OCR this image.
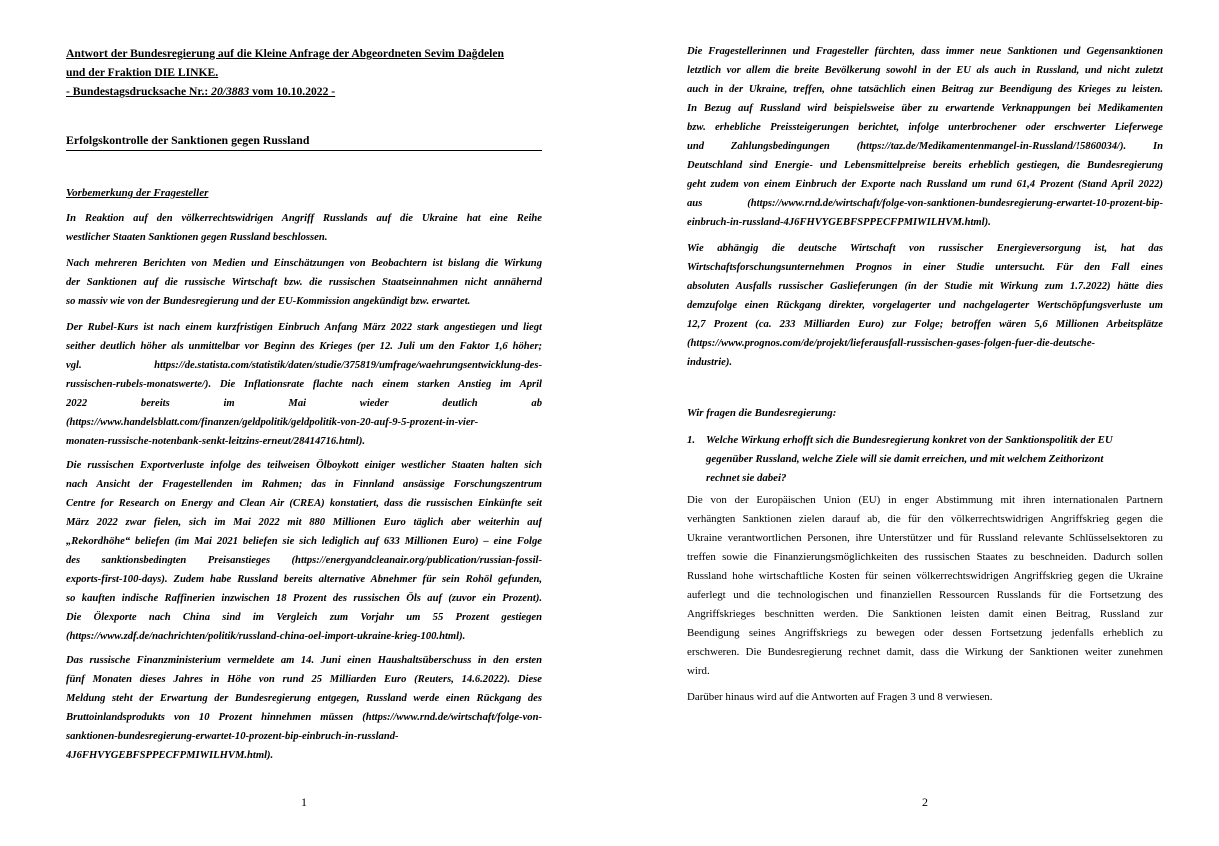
Antwort der Bundesregierung auf die Kleine Anfrage der Abgeordneten Sevim Dağdelen
und der Fraktion DIE LINKE.
- Bundestagsdrucksache Nr.: 20/3883 vom 10.10.2022 -
Erfolgskontrolle der Sanktionen gegen Russland
Vorbemerkung der Fragesteller
In Reaktion auf den völkerrechtswidrigen Angriff Russlands auf die Ukraine hat eine Reihe
westlicher Staaten Sanktionen gegen Russland beschlossen.
Nach mehreren Berichten von Medien und Einschätzungen von Beobachtern ist bislang die Wirkung
der Sanktionen auf die russische Wirtschaft bzw. die russischen Staatseinnahmen nicht annähernd
so massiv wie von der Bundesregierung und der EU-Kommission angekündigt bzw. erwartet.
Der Rubel-Kurs ist nach einem kurzfristigen Einbruch Anfang März 2022 stark angestiegen und liegt
seither deutlich höher als unmittelbar vor Beginn des Krieges (per 12. Juli um den Faktor 1,6 höher;
vgl. https://de.statista.com/statistik/daten/studie/375819/umfrage/waehrungsentwicklung-des-
russischen-rubels-monatswerte/). Die Inflationsrate flachte nach einem starken Anstieg im April
2022 bereits im Mai wieder deutlich ab
(https://www.handelsblatt.com/finanzen/geldpolitik/geldpolitik-von-20-auf-9-5-prozent-in-vier-
monaten-russische-notenbank-senkt-leitzins-erneut/28414716.html).
Die russischen Exportverluste infolge des teilweisen Ölboykott einiger westlicher Staaten halten sich
nach Ansicht der Fragestellenden im Rahmen; das in Finnland ansässige Forschungszentrum
Centre for Research on Energy and Clean Air (CREA) konstatiert, dass die russischen Einkünfte seit
März 2022 zwar fielen, sich im Mai 2022 mit 880 Millionen Euro täglich aber weiterhin auf
„Rekordhöhe“ beliefen (im Mai 2021 beliefen sie sich lediglich auf 633 Millionen Euro) – eine Folge
des sanktionsbedingten Preisanstieges (https://energyandcleanair.org/publication/russian-fossil-
exports-first-100-days). Zudem habe Russland bereits alternative Abnehmer für sein Rohöl gefunden,
so kauften indische Raffinerien inzwischen 18 Prozent des russischen Öls auf (zuvor ein Prozent).
Die Ölexporte nach China sind im Vergleich zum Vorjahr um 55 Prozent gestiegen
(https://www.zdf.de/nachrichten/politik/russland-china-oel-import-ukraine-krieg-100.html).
Das russische Finanzministerium vermeldete am 14. Juni einen Haushaltsüberschuss in den ersten
fünf Monaten dieses Jahres in Höhe von rund 25 Milliarden Euro (Reuters, 14.6.2022). Diese
Meldung steht der Erwartung der Bundesregierung entgegen, Russland werde einen Rückgang des
Bruttoinlandsprodukts von 10 Prozent hinnehmen müssen (https://www.rnd.de/wirtschaft/folge-von-
sanktionen-bundesregierung-erwartet-10-prozent-bip-einbruch-in-russland-
4J6FHVYGEBFSPPECFPMIWILHVM.html).
1
Die Fragestellerinnen und Fragesteller fürchten, dass immer neue Sanktionen und Gegensanktionen
letztlich vor allem die breite Bevölkerung sowohl in der EU als auch in Russland, und nicht zuletzt
auch in der Ukraine, treffen, ohne tatsächlich einen Beitrag zur Beendigung des Krieges zu leisten.
In Bezug auf Russland wird beispielsweise über zu erwartende Verknappungen bei Medikamenten
bzw. erhebliche Preissteigerungen berichtet, infolge unterbrochener oder erschwerter Lieferwege
und Zahlungsbedingungen (https://taz.de/Medikamentenmangel-in-Russland/!5860034/). In
Deutschland sind Energie- und Lebensmittelpreise bereits erheblich gestiegen, die Bundesregierung
geht zudem von einem Einbruch der Exporte nach Russland um rund 61,4 Prozent (Stand April 2022)
aus (https://www.rnd.de/wirtschaft/folge-von-sanktionen-bundesregierung-erwartet-10-prozent-bip-
einbruch-in-russland-4J6FHVYGEBFSPPECFPMIWILHVM.html).
Wie abhängig die deutsche Wirtschaft von russischer Energieversorgung ist, hat das
Wirtschaftsforschungsunternehmen Prognos in einer Studie untersucht. Für den Fall eines
absoluten Ausfalls russischer Gaslieferungen (in der Studie mit Wirkung zum 1.7.2022) hätte dies
demzufolge einen Rückgang direkter, vorgelagerter und nachgelagerter Wertschöpfungsverluste um
12,7 Prozent (ca. 233 Milliarden Euro) zur Folge; betroffen wären 5,6 Millionen Arbeitsplätze
(https://www.prognos.com/de/projekt/lieferausfall-russischen-gases-folgen-fuer-die-deutsche-
industrie).
Wir fragen die Bundesregierung:
1. Welche Wirkung erhofft sich die Bundesregierung konkret von der Sanktionspolitik der EU
gegenüber Russland, welche Ziele will sie damit erreichen, und mit welchem Zeithorizont
rechnet sie dabei?
Die von der Europäischen Union (EU) in enger Abstimmung mit ihren internationalen Partnern
verhängten Sanktionen zielen darauf ab, die für den völkerrechtswidrigen Angriffskrieg gegen die
Ukraine verantwortlichen Personen, ihre Unterstützer und für Russland relevante Schlüsselsektoren zu
treffen sowie die Finanzierungsmöglichkeiten des russischen Staates zu beschneiden. Dadurch sollen
Russland hohe wirtschaftliche Kosten für seinen völkerrechtswidrigen Angriffskrieg gegen die Ukraine
auferlegt und die technologischen und finanziellen Ressourcen Russlands für die Fortsetzung des
Angriffskrieges beschnitten werden. Die Sanktionen leisten damit einen Beitrag, Russland zur
Beendigung seines Angriffskriegs zu bewegen oder dessen Fortsetzung jedenfalls erheblich zu
erschweren. Die Bundesregierung rechnet damit, dass die Wirkung der Sanktionen weiter zunehmen
wird.
Darüber hinaus wird auf die Antworten auf Fragen 3 und 8 verwiesen.
2
